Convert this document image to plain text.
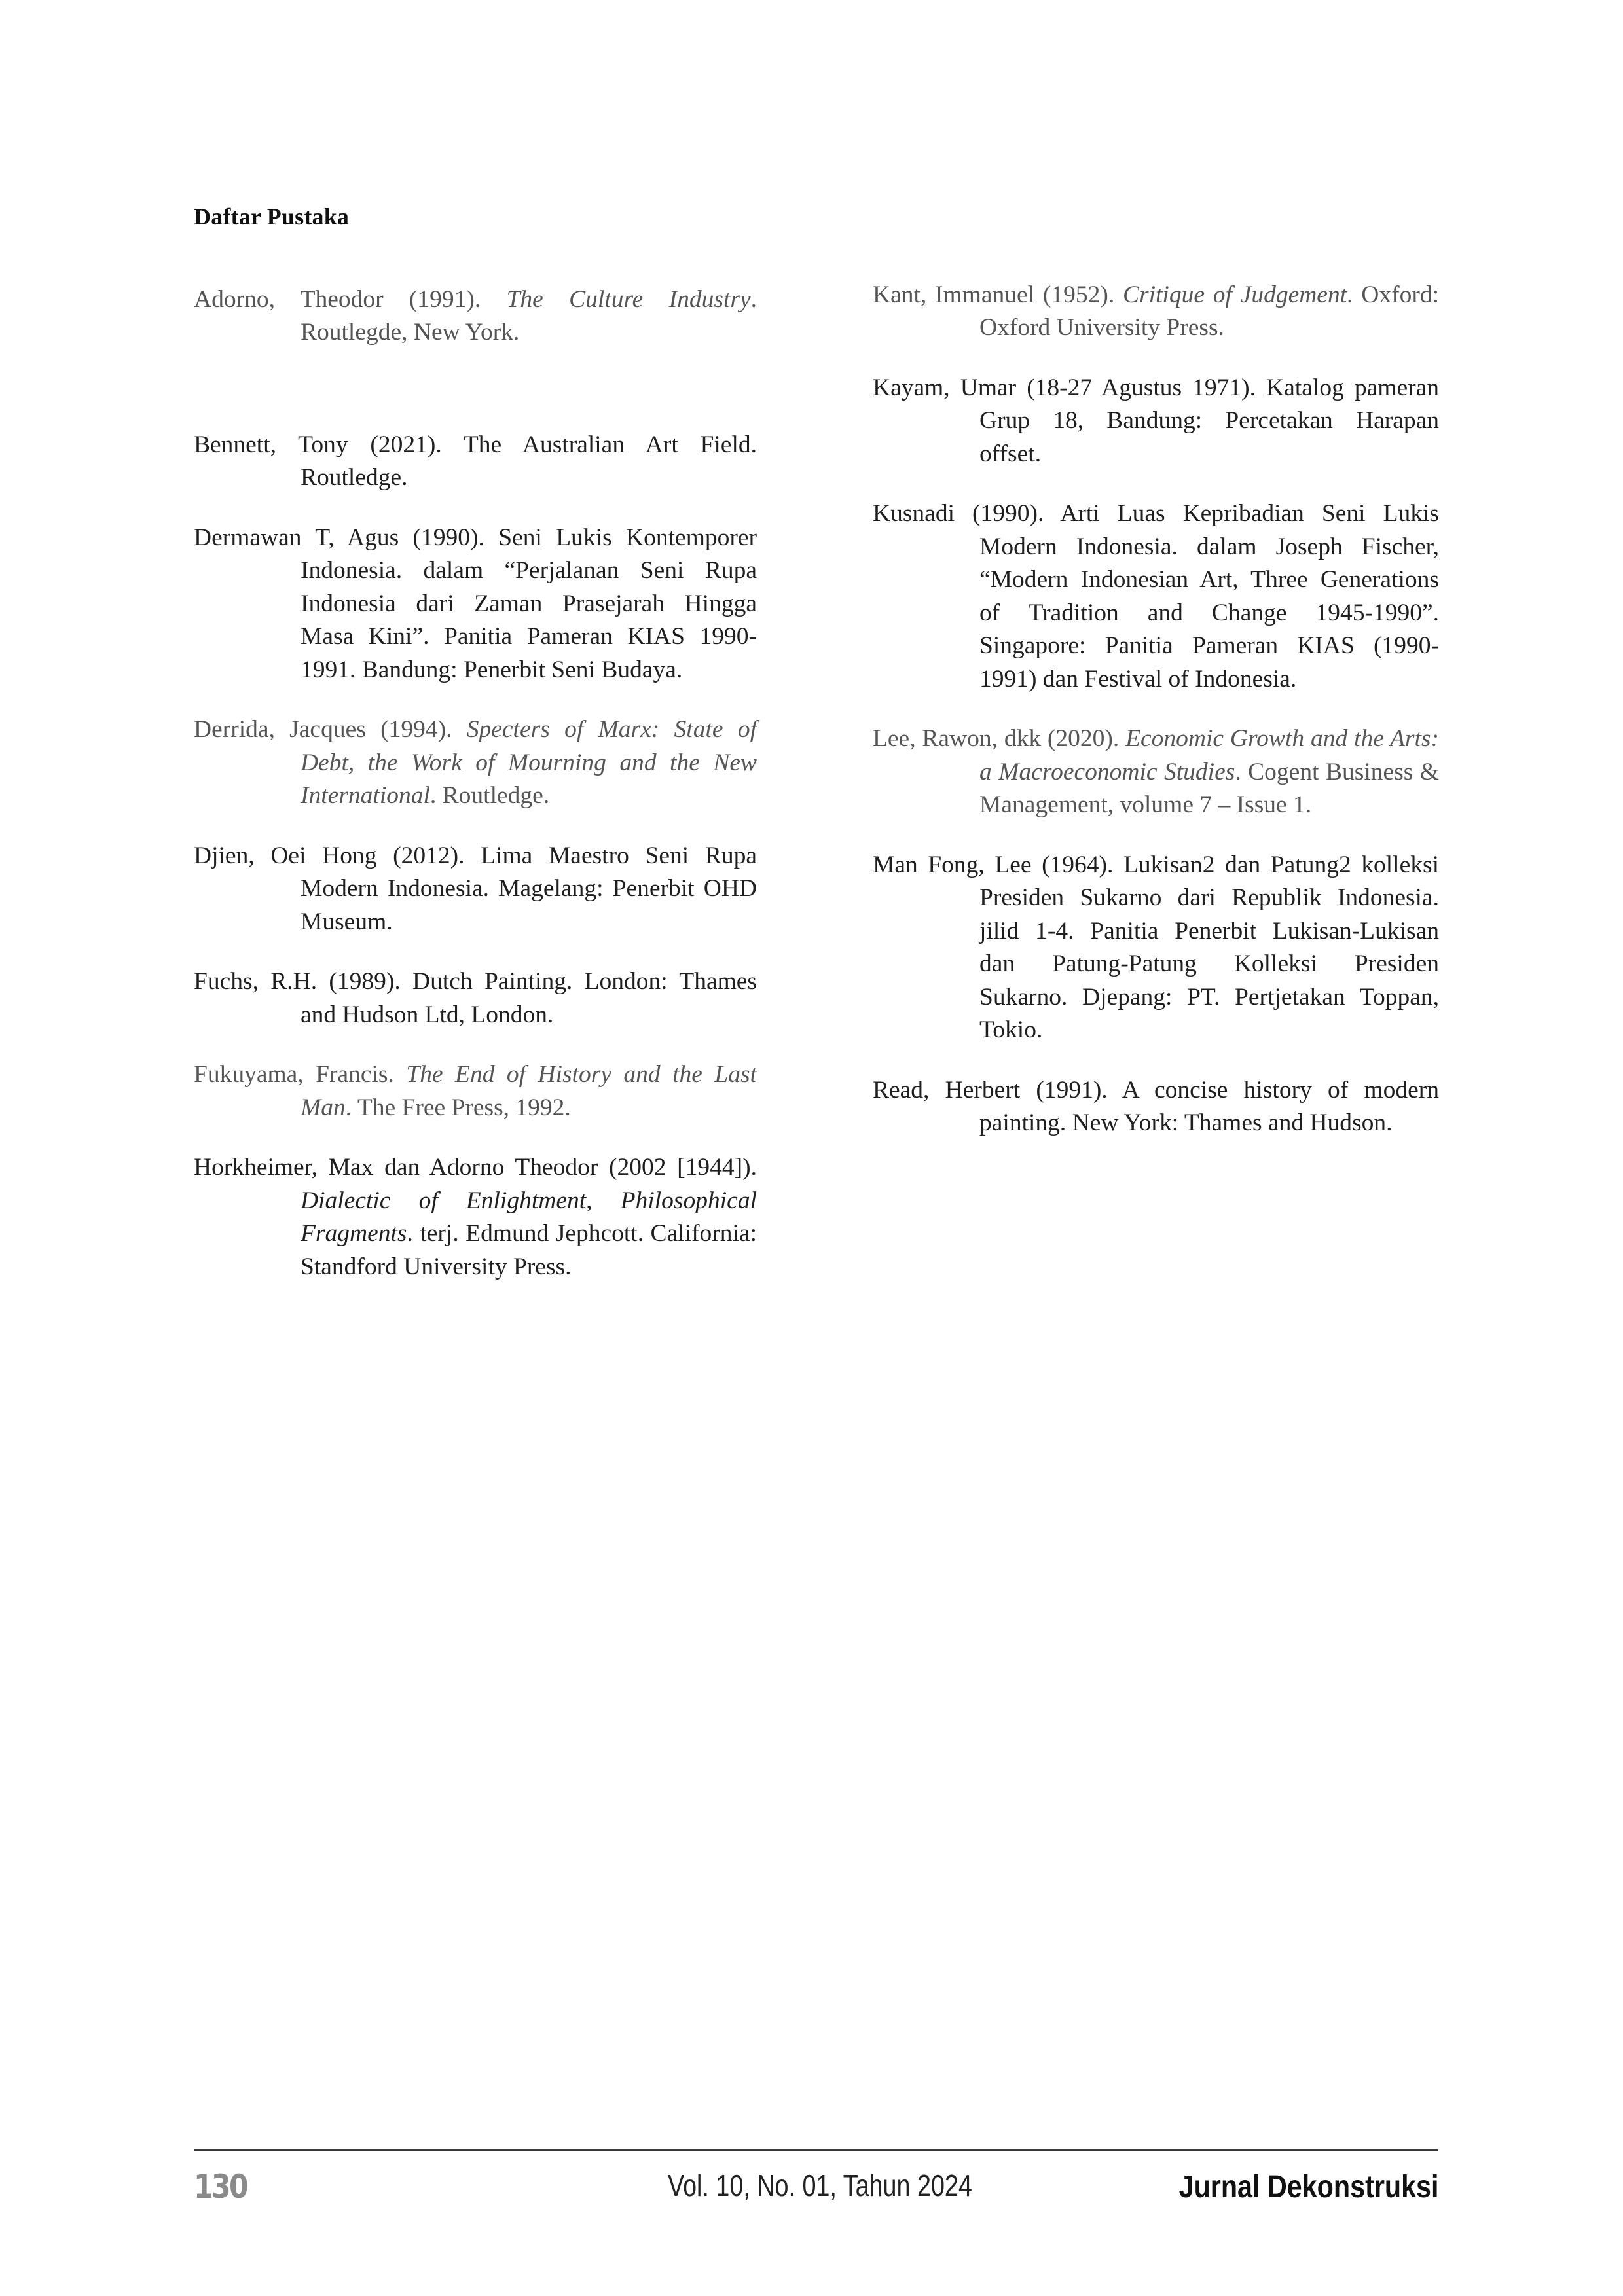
Daftar Pustaka

Adorno, Theodor (1991). The Culture Industry. Routlegde, New York.

Bennett, Tony (2021). The Australian Art Field. Routledge.

Dermawan T, Agus (1990). Seni Lukis Kontemporer Indonesia. dalam “Perjalanan Seni Rupa Indonesia dari Zaman Prasejarah Hingga Masa Kini”. Panitia Pameran KIAS 1990-1991. Bandung: Penerbit Seni Budaya.

Derrida, Jacques (1994). Specters of Marx: State of Debt, the Work of Mourning and the New International. Routledge.

Djien, Oei Hong (2012). Lima Maestro Seni Rupa Modern Indonesia. Magelang: Penerbit OHD Museum.

Fuchs, R.H. (1989). Dutch Painting. London: Thames and Hudson Ltd, London.

Fukuyama, Francis. The End of History and the Last Man. The Free Press, 1992.

Horkheimer, Max dan Adorno Theodor (2002 [1944]). Dialectic of Enlightment, Philosophical Fragments. terj. Edmund Jephcott. California: Standford University Press.

Kant, Immanuel (1952). Critique of Judgement. Oxford: Oxford University Press.

Kayam, Umar (18-27 Agustus 1971). Katalog pameran Grup 18, Bandung: Percetakan Harapan offset.

Kusnadi (1990). Arti Luas Kepribadian Seni Lukis Modern Indonesia. dalam Joseph Fischer, “Modern Indonesian Art, Three Generations of Tradition and Change 1945-1990”. Singapore: Panitia Pameran KIAS (1990-1991) dan Festival of Indonesia.

Lee, Rawon, dkk (2020). Economic Growth and the Arts: a Macroeconomic Studies. Cogent Business & Management, volume 7 – Issue 1.

Man Fong, Lee (1964). Lukisan2 dan Patung2 kolleksi Presiden Sukarno dari Republik Indonesia. jilid 1-4. Panitia Penerbit Lukisan-Lukisan dan Patung-Patung Kolleksi Presiden Sukarno. Djepang: PT. Pertjetakan Toppan, Tokio.

Read, Herbert (1991). A concise history of modern painting. New York: Thames and Hudson.

130	Vol. 10, No. 01, Tahun 2024	Jurnal Dekonstruksi
